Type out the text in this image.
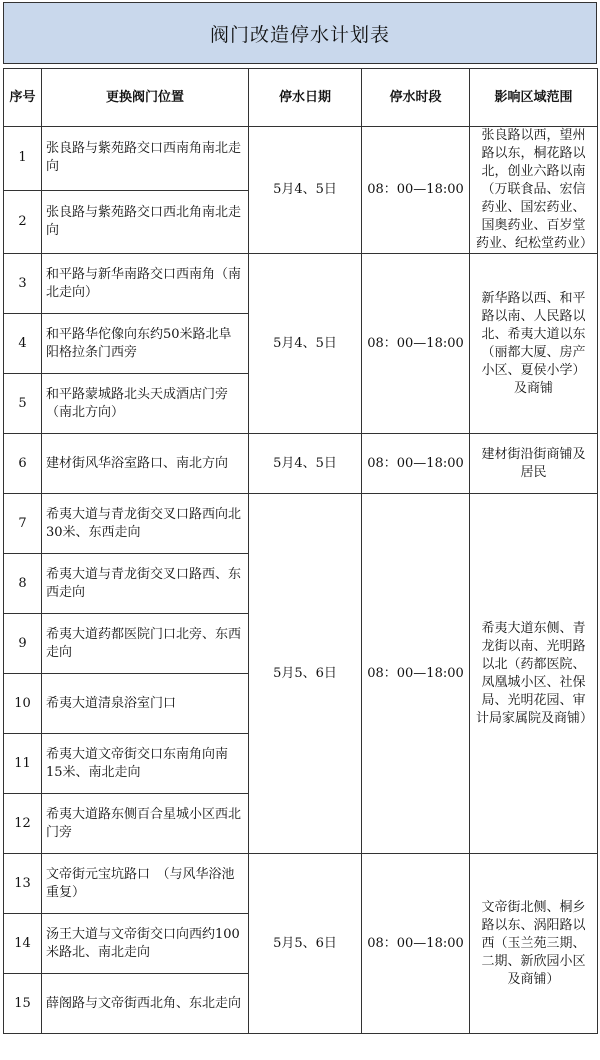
阀门改造停水计划表
序号	更换阀门位置	停水日期	停水时段	影响区域范围
1	张良路与紫苑路交口西南角南北走向	5月4、5日	08：00—18:00	张良路以西，望州路以东，桐花路以北，创业六路以南（万联食品、宏信药业、国宏药业、国奥药业、百岁堂药业、纪松堂药业）
2	张良路与紫苑路交口西北角南北走向			
3	和平路与新华南路交口西南角（南北走向）	5月4、5日	08：00—18:00	新华路以西、和平路以南、人民路以北、希夷大道以东（丽都大厦、房产小区、夏侯小学）及商铺
4	和平路华佗像向东约50米路北阜阳格拉条门西旁			
5	和平路蒙城路北头天成酒店门旁（南北方向）			
6	建材街风华浴室路口、南北方向	5月4、5日	08：00—18:00	建材街沿街商铺及居民
7	希夷大道与青龙街交叉口路西向北30米、东西走向	5月5、6日	08：00—18:00	希夷大道东侧、青龙街以南、光明路以北（药都医院、凤凰城小区、社保局、光明花园、审计局家属院及商铺）
8	希夷大道与青龙街交叉口路西、东西走向			
9	希夷大道药都医院门口北旁、东西走向			
10	希夷大道清泉浴室门口			
11	希夷大道文帝街交口东南角向南15米、南北走向			
12	希夷大道路东侧百合星城小区西北门旁			
13	文帝街元宝坑路口　（与风华浴池重复）	5月5、6日	08：00—18:00	文帝街北侧、桐乡路以东、涡阳路以西（玉兰苑三期、二期、新欣园小区及商铺）
14	汤王大道与文帝街交口向西约100米路北、南北走向			
15	薛阁路与文帝街西北角、东北走向			
